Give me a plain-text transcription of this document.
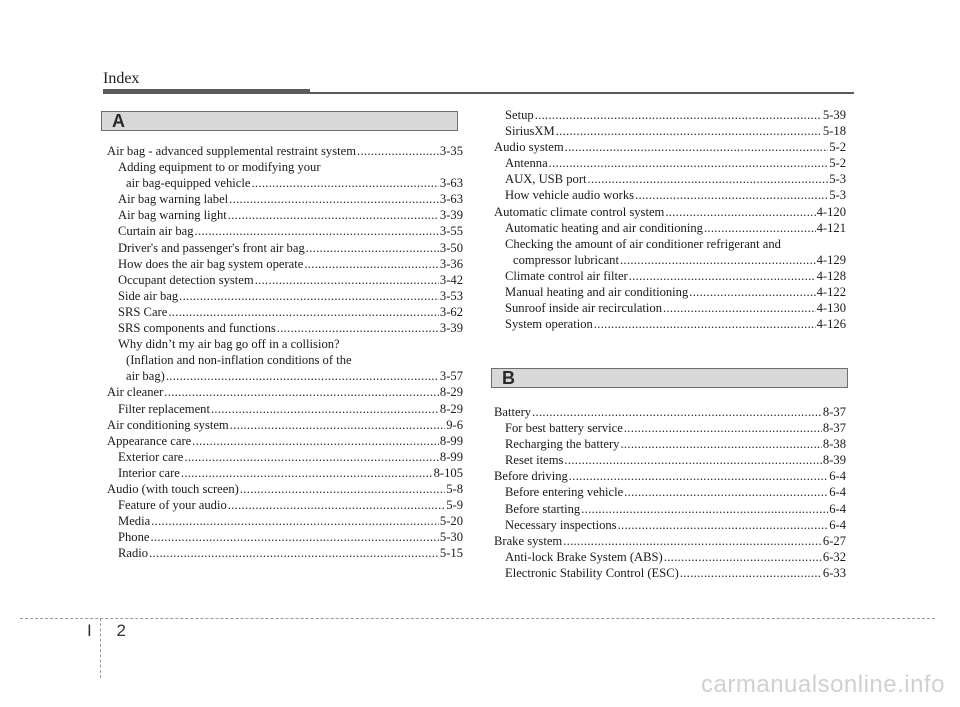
Index
A
B
Air bag - advanced supplemental restraint system .....	3-35
Adding equipment to or modifying your
air bag-equipped vehicle .....	3-63
Air bag warning label .....	3-63
Air bag warning light .....	3-39
Curtain air bag .....	3-55
Driver's and passenger's front air bag .....	3-50
How does the air bag system operate .....	3-36
Occupant detection system .....	3-42
Side air bag .....	3-53
SRS Care .....	3-62
SRS components and functions .....	3-39
Why didn’t my air bag go off in a collision?
(Inflation and non-inflation conditions of the
air bag) .....	3-57
Air cleaner .....	8-29
Filter replacement .....	8-29
Air conditioning system .....	9-6
Appearance care .....	8-99
Exterior care .....	8-99
Interior care .....	8-105
Audio (with touch screen) .....	5-8
Feature of your audio .....	5-9
Media .....	5-20
Phone .....	5-30
Radio .....	5-15
Setup .....	5-39
SiriusXM .....	5-18
Audio system .....	5-2
Antenna .....	5-2
AUX, USB port .....	5-3
How vehicle audio works .....	5-3
Automatic climate control system .....	4-120
Automatic heating and air conditioning .....	4-121
Checking the amount of air conditioner refrigerant and
compressor lubricant .....	4-129
Climate control air filter .....	4-128
Manual heating and air conditioning .....	4-122
Sunroof inside air recirculation .....	4-130
System operation .....	4-126
Battery .....	8-37
For best battery service .....	8-37
Recharging the battery .....	8-38
Reset items .....	8-39
Before driving .....	6-4
Before entering vehicle .....	6-4
Before starting .....	6-4
Necessary inspections .....	6-4
Brake system .....	6-27
Anti-lock Brake System (ABS) .....	6-32
Electronic Stability Control (ESC) .....	6-33
I 2
carmanualsonline.info
